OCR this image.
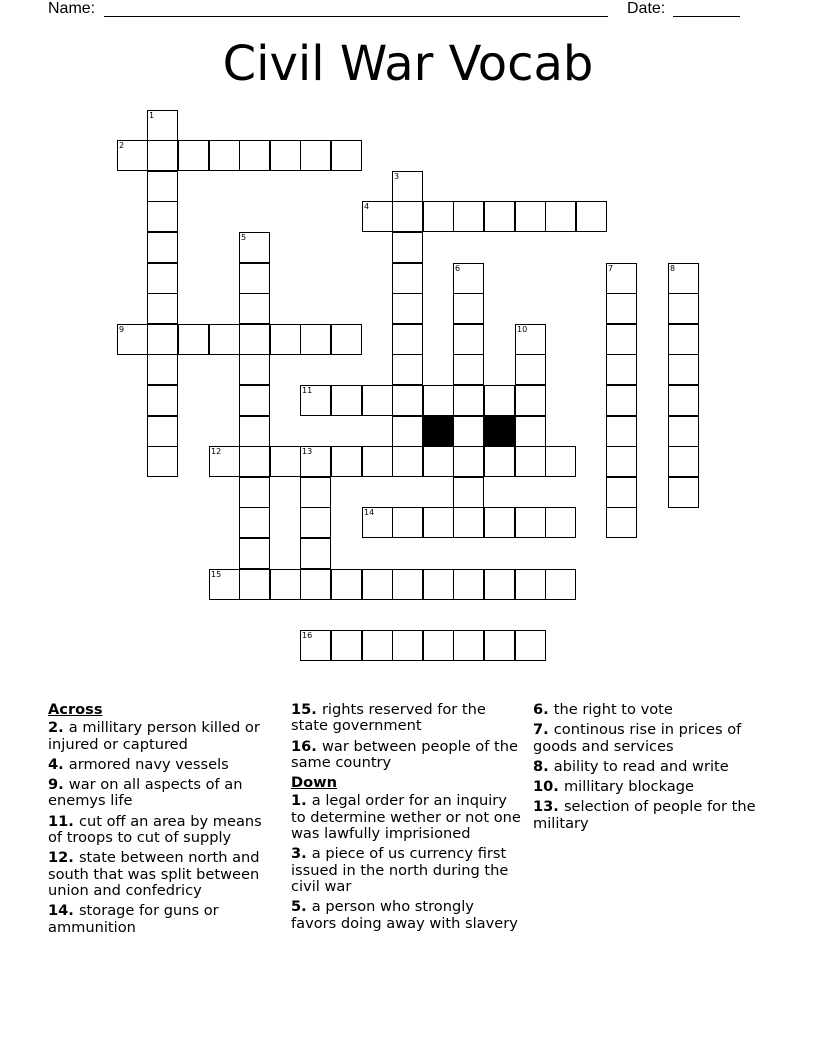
Name:	Date:
Civil War Vocab
1
2
3
4
5
6	7	8
9	10
11
12	13
14
15
16
Across
2. a millitary person killed or injured or captured
4. armored navy vessels
9. war on all aspects of an enemys life
11. cut off an area by means of troops to cut of supply
12. state between north and south that was split between union and confedricy
14. storage for guns or ammunition
15. rights reserved for the state government
16. war between people of the same country
Down
1. a legal order for an inquiry to determine wether or not one was lawfully imprisioned
3. a piece of us currency first issued in the north during the civil war
5. a person who strongly favors doing away with slavery
6. the right to vote
7. continous rise in prices of goods and services
8. ability to read and write
10. millitary blockage
13. selection of people for the military
